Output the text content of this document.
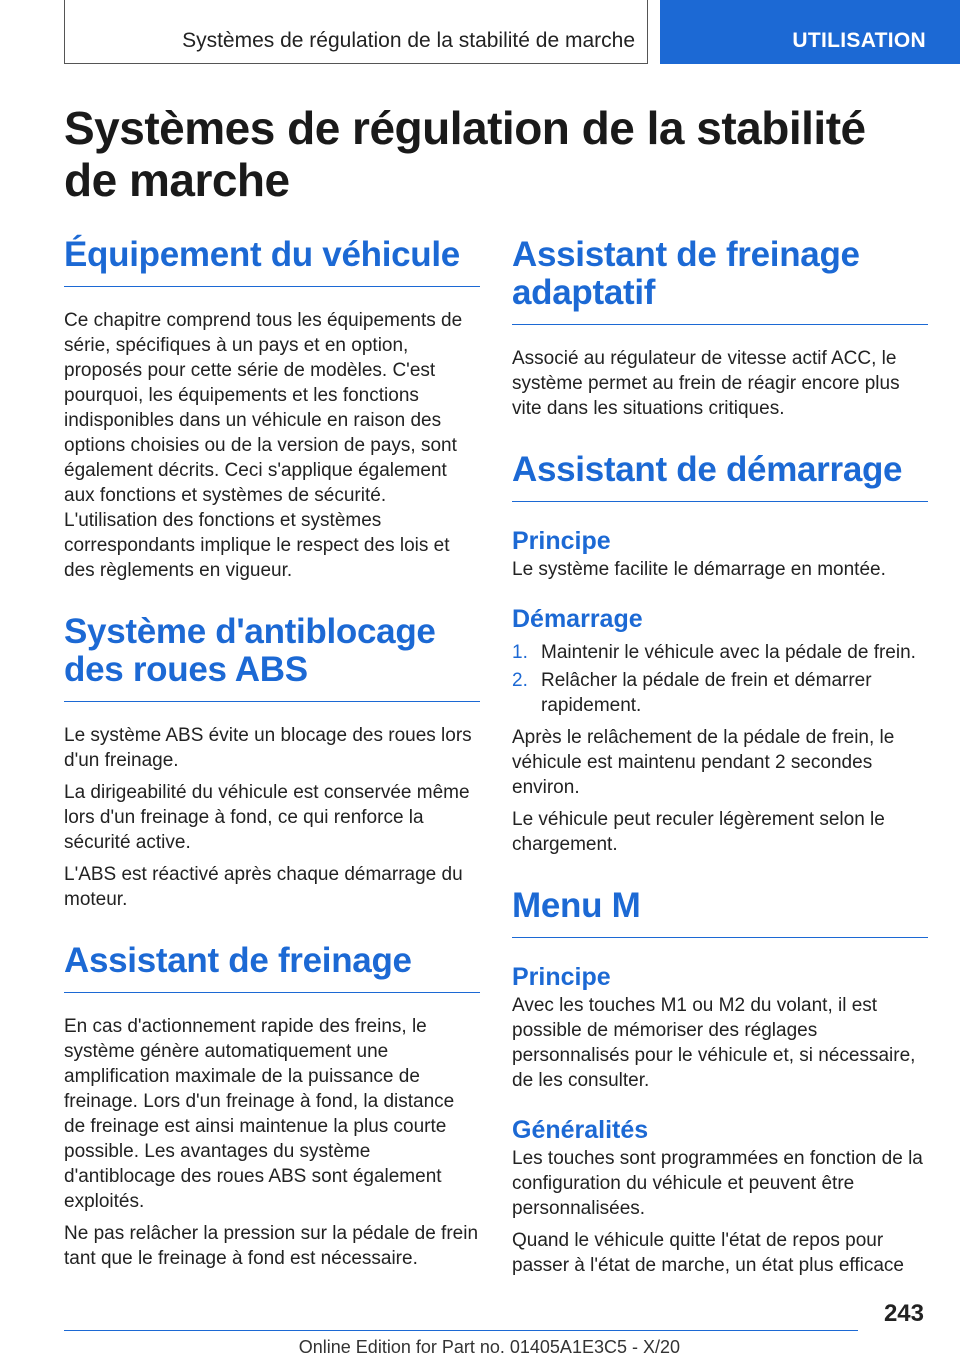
Systèmes de régulation de la stabilité de marche	UTILISATION
Systèmes de régulation de la stabilité de marche
Équipement du véhicule

Ce chapitre comprend tous les équipements de série, spécifiques à un pays et en option, proposés pour cette série de modèles. C'est pourquoi, les équipements et les fonctions indisponibles dans un véhicule en raison des options choisies ou de la version de pays, sont également décrits. Ceci s'applique également aux fonctions et systèmes de sécurité. L'utilisation des fonctions et systèmes correspondants implique le respect des lois et des règlements en vigueur.

Système d'antiblocage des roues ABS

Le système ABS évite un blocage des roues lors d'un freinage.

La dirigeabilité du véhicule est conservée même lors d'un freinage à fond, ce qui renforce la sécurité active.

L'ABS est réactivé après chaque démarrage du moteur.

Assistant de freinage

En cas d'actionnement rapide des freins, le système génère automatiquement une amplification maximale de la puissance de freinage. Lors d'un freinage à fond, la distance de freinage est ainsi maintenue la plus courte possible. Les avantages du système d'antiblocage des roues ABS sont également exploités.

Ne pas relâcher la pression sur la pédale de frein tant que le freinage à fond est nécessaire.

Assistant de freinage adaptatif

Associé au régulateur de vitesse actif ACC, le système permet au frein de réagir encore plus vite dans les situations critiques.

Assistant de démarrage
Principe

Le système facilite le démarrage en montée.

Démarrage
1. Maintenir le véhicule avec la pédale de frein.
2. Relâcher la pédale de frein et démarrer rapidement.

Après le relâchement de la pédale de frein, le véhicule est maintenu pendant 2 secondes environ.

Le véhicule peut reculer légèrement selon le chargement.

Menu M
Principe

Avec les touches M1 ou M2 du volant, il est possible de mémoriser des réglages personnalisés pour le véhicule et, si nécessaire, de les consulter.

Généralités

Les touches sont programmées en fonction de la configuration du véhicule et peuvent être personnalisées.

Quand le véhicule quitte l'état de repos pour passer à l'état de marche, un état plus efficace

243
Online Edition for Part no. 01405A1E3C5 - X/20
